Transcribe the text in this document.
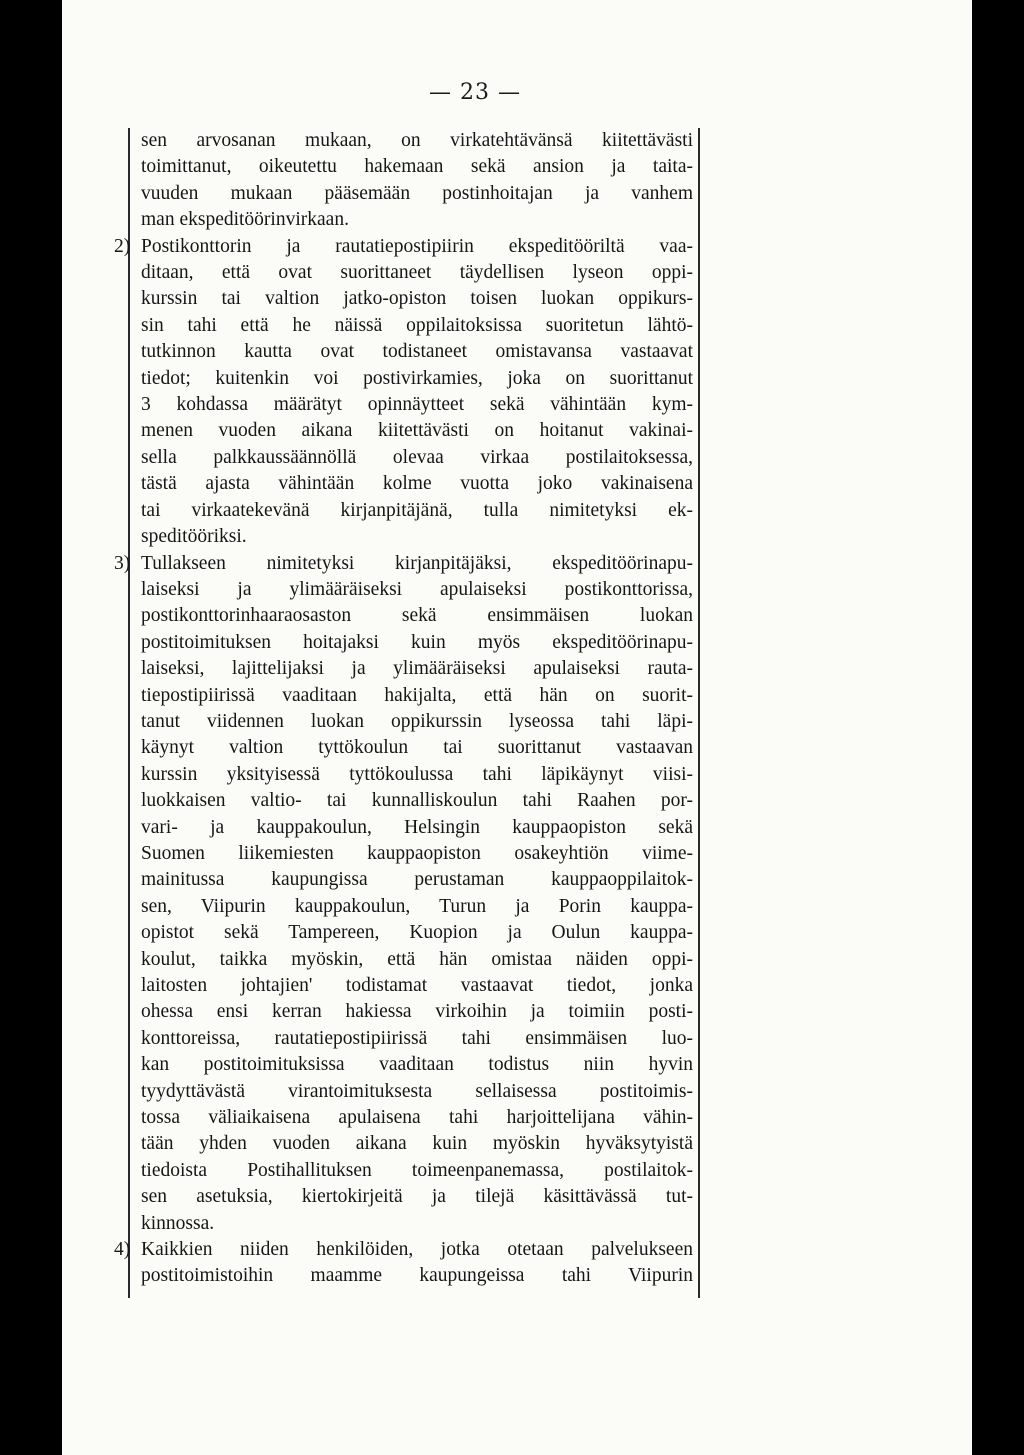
— 23 —

sen arvosanan mukaan, on virkatehtävänsä kiitettävästi
toimittanut, oikeutettu hakemaan sekä ansion ja taita-
vuuden mukaan pääsemään postinhoitajan ja vanhem
man ekspeditöörinvirkaan.

2) Postikonttorin ja rautatiepostipiirin ekspeditööriltä vaa-
ditaan, että ovat suorittaneet täydellisen lyseon oppi-
kurssin tai valtion jatko-opiston toisen luokan oppikurs-
sin tahi että he näissä oppilaitoksissa suoritetun lähtö-
tutkinnon kautta ovat todistaneet omistavansa vastaavat
tiedot; kuitenkin voi postivirkamies, joka on suorittanut
3 kohdassa määrätyt opinnäytteet sekä vähintään kym-
menen vuoden aikana kiitettävästi on hoitanut vakinai-
sella palkkaussäännöllä olevaa virkaa postilaitoksessa,
tästä ajasta vähintään kolme vuotta joko vakinaisena
tai virkaatekevänä kirjanpitäjänä, tulla nimitetyksi ek-
speditööriksi.
3) Tullakseen nimitetyksi kirjanpitäjäksi, ekspeditöörinapu-
laiseksi ja ylimääräiseksi apulaiseksi postikonttorissa,
postikonttorinhaaraosaston sekä ensimmäisen luokan
postitoimituksen hoitajaksi kuin myös ekspeditöörinapu-
laiseksi, lajittelijaksi ja ylimääräiseksi apulaiseksi rauta-
tiepostipiirissä vaaditaan hakijalta, että hän on suorit-
tanut viidennen luokan oppikurssin lyseossa tahi läpi-
käynyt valtion tyttökoulun tai suorittanut vastaavan
kurssin yksityisessä tyttökoulussa tahi läpikäynyt viisi-
luokkaisen valtio- tai kunnalliskoulun tahi Raahen por-
vari- ja kauppakoulun, Helsingin kauppaopiston sekä
Suomen liikemiesten kauppaopiston osakeyhtiön viime-
mainitussa kaupungissa perustaman kauppaoppilaitok-
sen, Viipurin kauppakoulun, Turun ja Porin kauppa-
opistot sekä Tampereen, Kuopion ja Oulun kauppa-
koulut, taikka myöskin, että hän omistaa näiden oppi-
laitosten johtajien' todistamat vastaavat tiedot, jonka
ohessa ensi kerran hakiessa virkoihin ja toimiin posti-
konttoreissa, rautatiepostipiirissä tahi ensimmäisen luo-
kan postitoimituksissa vaaditaan todistus niin hyvin
tyydyttävästä virantoimituksesta sellaisessa postitoimis-
tossa väliaikaisena apulaisena tahi harjoittelijana vähin-
tään yhden vuoden aikana kuin myöskin hyväksytyistä
tiedoista Postihallituksen toimeenpanemassa, postilaitok-
sen asetuksia, kiertokirjeitä ja tilejä käsittävässä tut-
kinnossa.
4) Kaikkien niiden henkilöiden, jotka otetaan palvelukseen
postitoimistoihin maamme kaupungeissa tahi Viipurin
